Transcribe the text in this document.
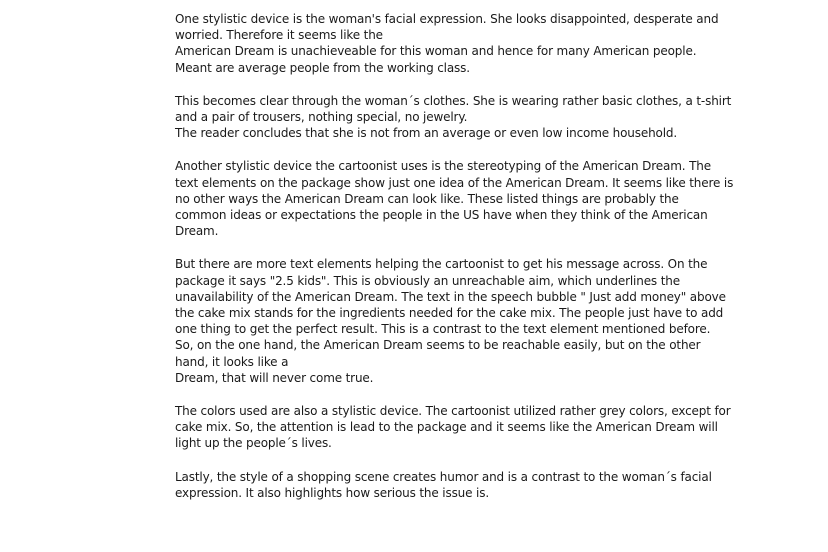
One stylistic device is the woman's facial expression. She looks disappointed, desperate and
worried. Therefore it seems like the
American Dream is unachieveable for this woman and hence for many American people.
Meant are average people from the working class.
This becomes clear through the woman´s clothes. She is wearing rather basic clothes, a t-shirt
and a pair of trousers, nothing special, no jewelry.
The reader concludes that she is not from an average or even low income household.
Another stylistic device the cartoonist uses is the stereotyping of the American Dream. The
text elements on the package show just one idea of the American Dream. It seems like there is
no other ways the American Dream can look like. These listed things are probably the
common ideas or expectations the people in the US have when they think of the American
Dream.
But there are more text elements helping the cartoonist to get his message across. On the
package it says "2.5 kids". This is obviously an unreachable aim, which underlines the
unavailability of the American Dream. The text in the speech bubble " Just add money" above
the cake mix stands for the ingredients needed for the cake mix. The people just have to add
one thing to get the perfect result. This is a contrast to the text element mentioned before.
So, on the one hand, the American Dream seems to be reachable easily, but on the other
hand, it looks like a
Dream, that will never come true.
The colors used are also a stylistic device. The cartoonist utilized rather grey colors, except for
cake mix. So, the attention is lead to the package and it seems like the American Dream will
light up the people´s lives.
Lastly, the style of a shopping scene creates humor and is a contrast to the woman´s facial
expression. It also highlights how serious the issue is.
